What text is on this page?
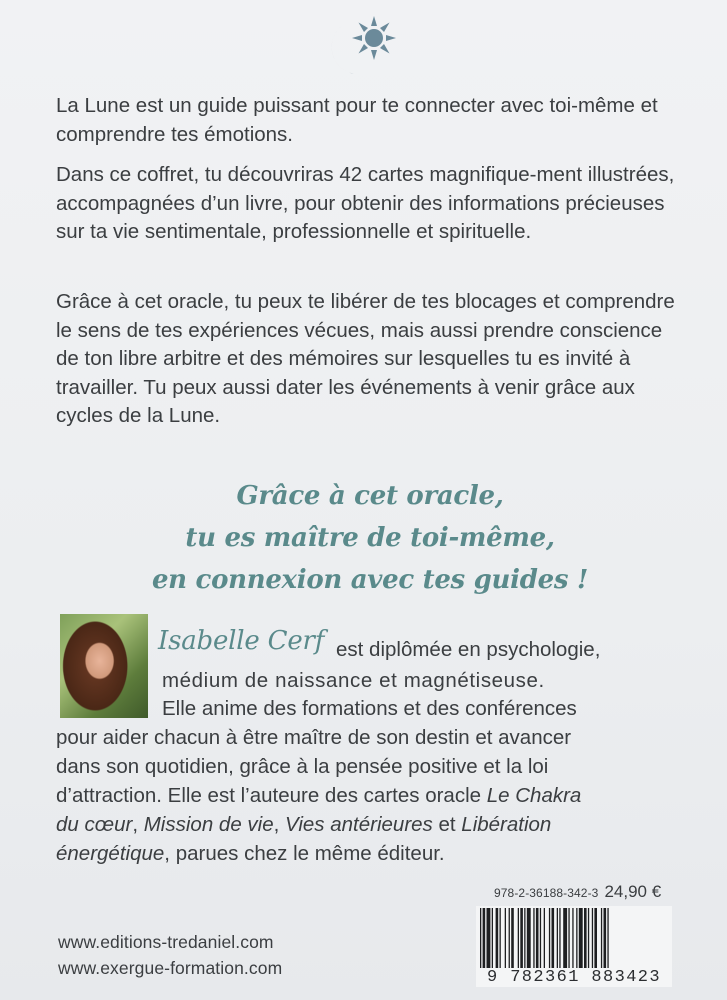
La Lune est un guide puissant pour te connecter avec toi-même et comprendre tes émotions.

Dans ce coffret, tu découvriras 42 cartes magnifique-ment illustrées, accompagnées d’un livre, pour obtenir des informations précieuses sur ta vie sentimentale, professionnelle et spirituelle.

Grâce à cet oracle, tu peux te libérer de tes blocages et comprendre le sens de tes expériences vécues, mais aussi prendre conscience de ton libre arbitre et des mémoires sur lesquelles tu es invité à travailler. Tu peux aussi dater les événements à venir grâce aux cycles de la Lune.

Grâce à cet oracle,
tu es maître de toi-même,
en connexion avec tes guides !
Isabelle Cerf est diplômée en psychologie,
médium de naissance et magnétiseuse.
Elle anime des formations et des conférences
pour aider chacun à être maître de son destin et avancer
dans son quotidien, grâce à la pensée positive et la loi
d’attraction. Elle est l’auteure des cartes oracle Le Chakra
du cœur, Mission de vie, Vies antérieures et Libération
énergétique, parues chez le même éditeur.
978-2-36188-342-3 24,90 €
9 782361 883423
www.editions-tredaniel.com
www.exergue-formation.com
